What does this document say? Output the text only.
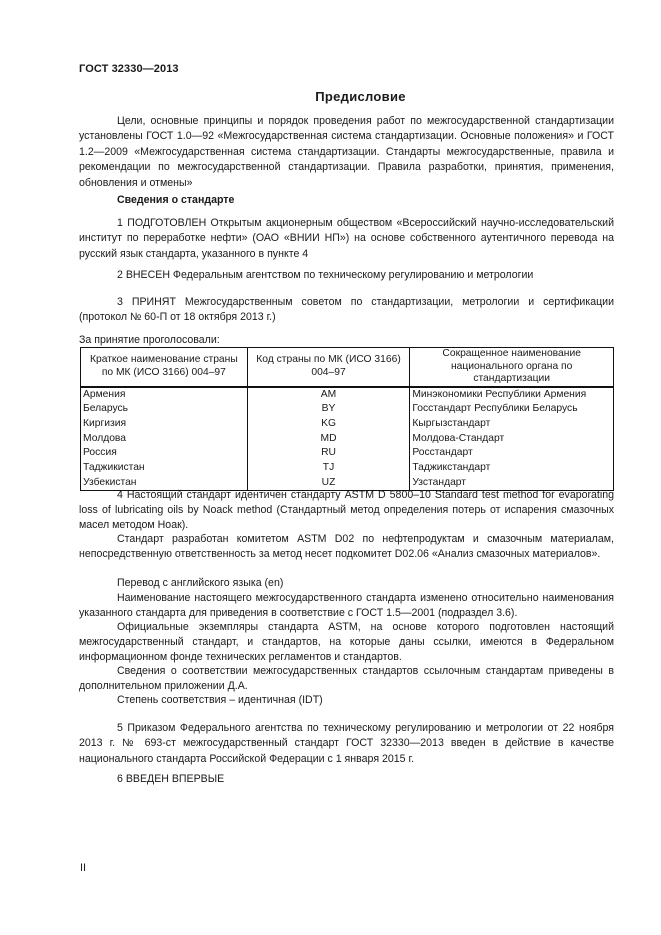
ГОСТ 32330—2013
Предисловие
Цели, основные принципы и порядок проведения работ по межгосударственной стандартизации установлены ГОСТ 1.0—92 «Межгосударственная система стандартизации. Основные положения» и ГОСТ 1.2—2009 «Межгосударственная система стандартизации. Стандарты межгосударственные, правила и рекомендации по межгосударственной стандартизации. Правила разработки, принятия, применения, обновления и отмены»
Сведения о стандарте
1 ПОДГОТОВЛЕН Открытым акционерным обществом «Всероссийский научно-исследовательский институт по переработке нефти» (ОАО «ВНИИ НП») на основе собственного аутентичного перевода на русский язык стандарта, указанного в пункте 4
2 ВНЕСЕН Федеральным агентством по техническому регулированию и метрологии
3 ПРИНЯТ Межгосударственным советом по стандартизации, метрологии и сертификации (протокол № 60-П от 18 октября 2013 г.)
За принятие проголосовали:
Краткое наименование страны по МК (ИСО 3166) 004–97	Код страны по МК (ИСО 3166) 004–97	Сокращенное наименование национального органа по стандартизации
Армения	AM	Минэкономики Республики Армения
Беларусь	BY	Госстандарт Республики Беларусь
Киргизия	KG	Кыргызстандарт
Молдова	MD	Молдова-Стандарт
Россия	RU	Росстандарт
Таджикистан	TJ	Таджикстандарт
Узбекистан	UZ	Узстандарт
4 Настоящий стандарт идентичен стандарту ASTM D 5800–10 Standard test method for evaporating loss of lubricating oils by Noack method (Стандартный метод определения потерь от испарения смазочных масел методом Ноак).
Стандарт разработан комитетом ASTM D02 по нефтепродуктам и смазочным материалам, непосредственную ответственность за метод несет подкомитет D02.06 «Анализ смазочных материалов».
Перевод с английского языка (en)
Наименование настоящего межгосударственного стандарта изменено относительно наименования указанного стандарта для приведения в соответствие с ГОСТ 1.5—2001 (подраздел 3.6).
Официальные экземпляры стандарта ASTM, на основе которого подготовлен настоящий межгосударственный стандарт, и стандартов, на которые даны ссылки, имеются в Федеральном информационном фонде технических регламентов и стандартов.
Сведения о соответствии межгосударственных стандартов ссылочным стандартам приведены в дополнительном приложении Д.А.
Степень соответствия – идентичная (IDT)
5 Приказом Федерального агентства по техническому регулированию и метрологии от 22 ноября 2013 г. № 693-ст межгосударственный стандарт ГОСТ 32330—2013 введен в действие в качестве национального стандарта Российской Федерации с 1 января 2015 г.
6 ВВЕДЕН ВПЕРВЫЕ
II
